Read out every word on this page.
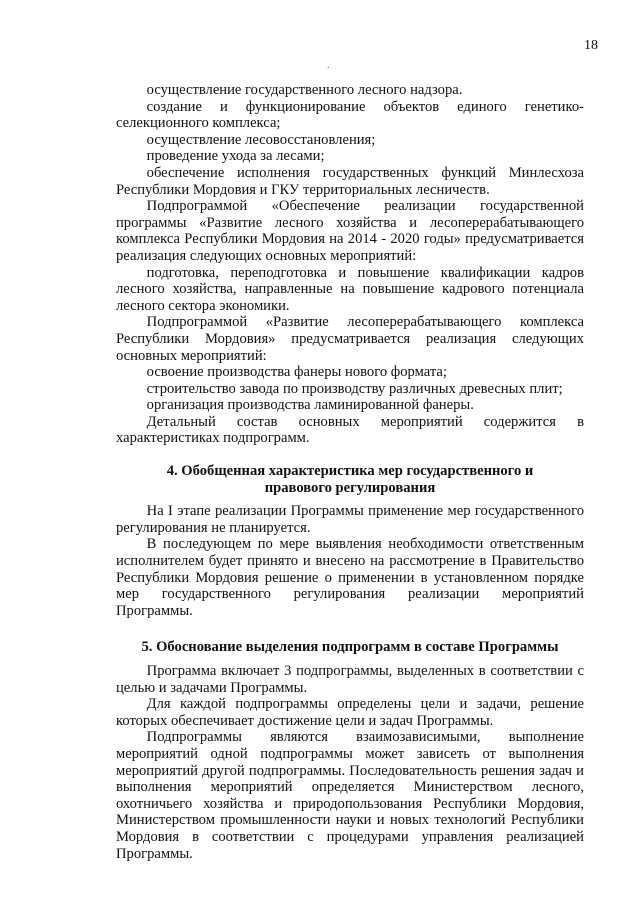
18
.

осуществление государственного лесного надзора.

создание и функционирование объектов единого генетико-селекционного комплекса;

осуществление лесовосстановления;

проведение ухода за лесами;

обеспечение исполнения государственных функций Минлесхоза Республики Мордовия и ГКУ территориальных лесничеств.

Подпрограммой «Обеспечение реализации государственной программы «Развитие лесного хозяйства и лесоперерабатывающего комплекса Республики Мордовия на 2014 - 2020 годы» предусматривается реализация следующих основных мероприятий:

подготовка, переподготовка и повышение квалификации кадров лесного хозяйства, направленные на повышение кадрового потенциала лесного сектора экономики.

Подпрограммой «Развитие лесоперерабатывающего комплекса Республики Мордовия» предусматривается реализация следующих основных мероприятий:

освоение производства фанеры нового формата;

строительство завода по производству различных древесных плит;

организация производства ламинированной фанеры.

Детальный состав основных мероприятий содержится в характеристиках подпрограмм.

4. Обобщенная характеристика мер государственного и правового регулирования

На I этапе реализации Программы применение мер государственного регулирования не планируется.

В последующем по мере выявления необходимости ответственным исполнителем будет принято и внесено на рассмотрение в Правительство Республики Мордовия решение о применении в установленном порядке мер государственного регулирования реализации мероприятий Программы.

5. Обоснование выделения подпрограмм в составе Программы

Программа включает 3 подпрограммы, выделенных в соответствии с целью и задачами Программы.

Для каждой подпрограммы определены цели и задачи, решение которых обеспечивает достижение цели и задач Программы.

Подпрограммы являются взаимозависимыми, выполнение мероприятий одной подпрограммы может зависеть от выполнения мероприятий другой подпрограммы. Последовательность решения задач и выполнения мероприятий определяется Министерством лесного, охотничьего хозяйства и природопользования Республики Мордовия, Министерством промышленности науки и новых технологий Республики Мордовия в соответствии с процедурами управления реализацией Программы.
